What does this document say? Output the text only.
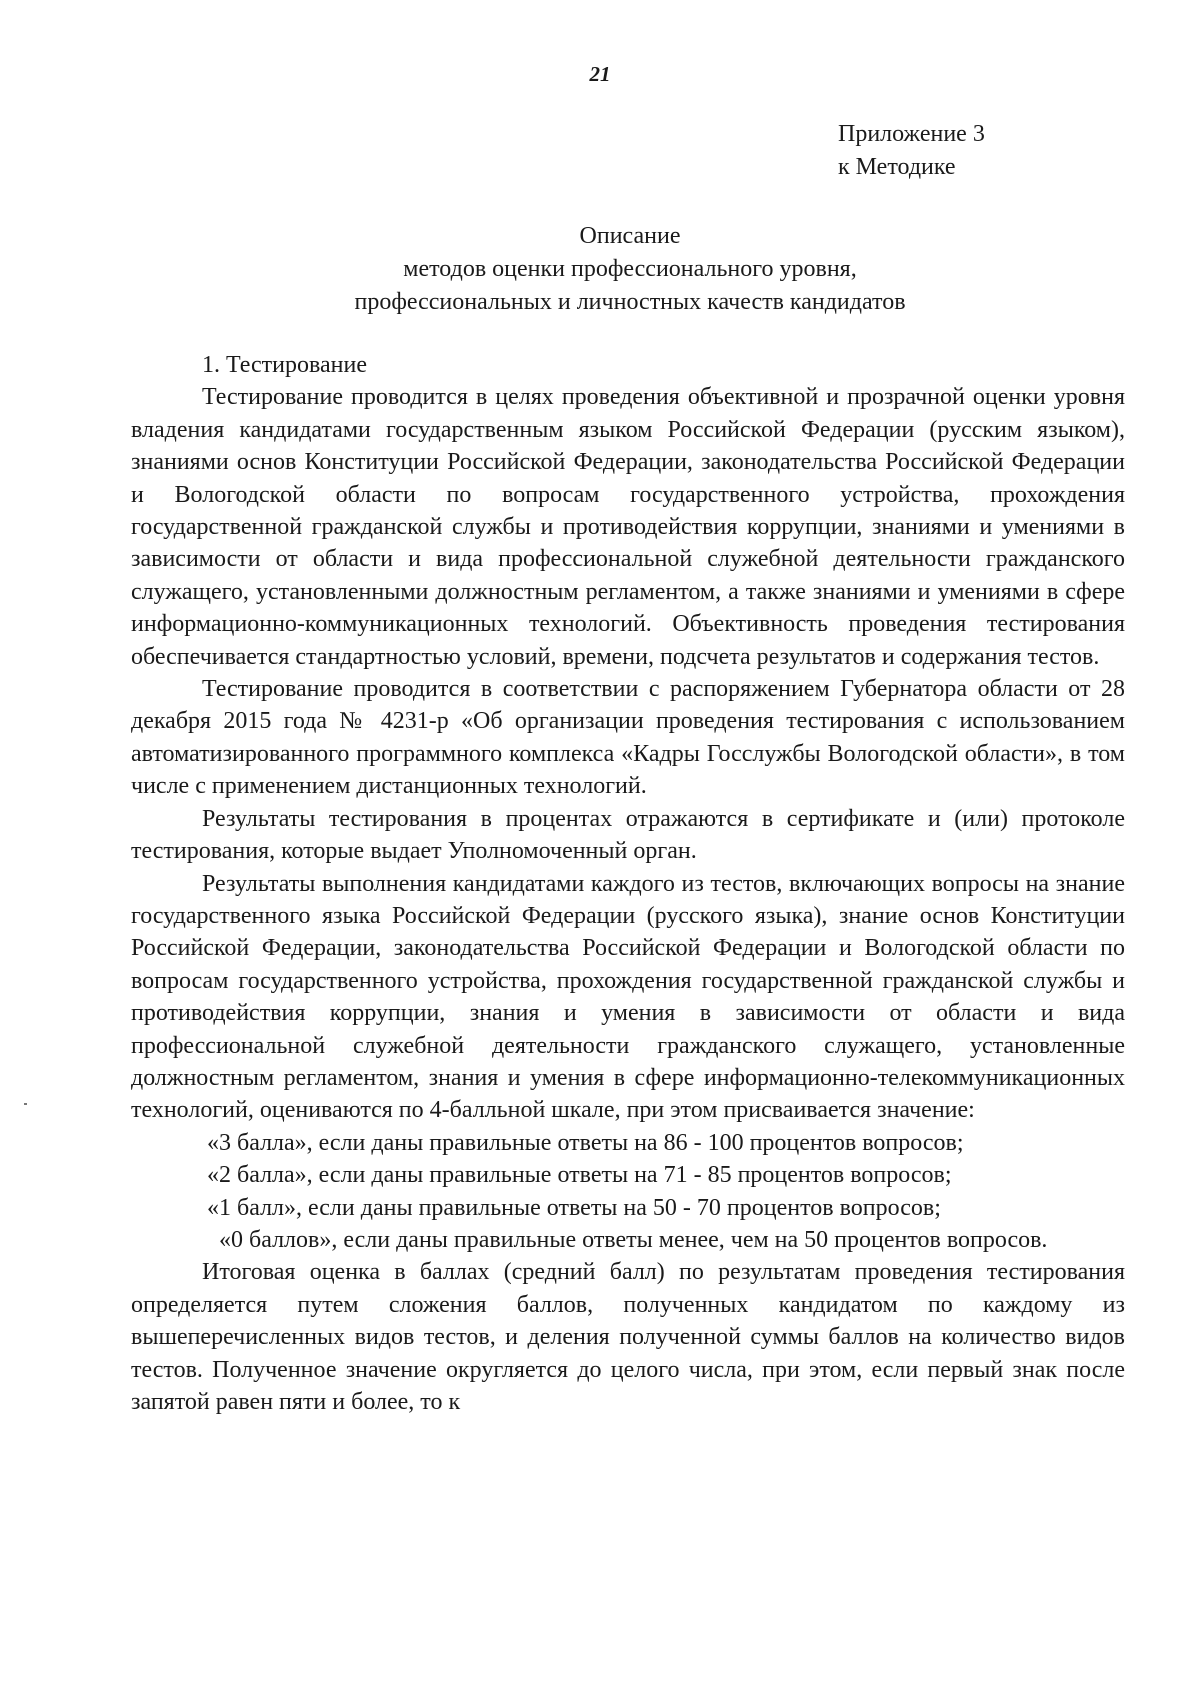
21
Приложение 3
к Методике
Описание
методов оценки профессионального уровня,
профессиональных и личностных качеств кандидатов

1. Тестирование

Тестирование проводится в целях проведения объективной и прозрачной оценки уровня владения кандидатами государственным языком Российской Федерации (русским языком), знаниями основ Конституции Российской Федерации, законодательства Российской Федерации и Вологодской области по вопросам государственного устройства, прохождения государственной гражданской службы и противодействия коррупции, знаниями и умениями в зависимости от области и вида профессиональной служебной деятельности гражданского служащего, установленными должностным регламентом, а также знаниями и умениями в сфере информационно-коммуникационных технологий. Объективность проведения тестирования обеспечивается стандартностью условий, времени, подсчета результатов и содержания тестов.

Тестирование проводится в соответствии с распоряжением Губернатора области от 28 декабря 2015 года № 4231-р «Об организации проведения тестирования с использованием автоматизированного программного комплекса «Кадры Госслужбы Вологодской области», в том числе с применением дистанционных технологий.

Результаты тестирования в процентах отражаются в сертификате и (или) протоколе тестирования, которые выдает Уполномоченный орган.

Результаты выполнения кандидатами каждого из тестов, включающих вопросы на знание государственного языка Российской Федерации (русского языка), знание основ Конституции Российской Федерации, законодательства Российской Федерации и Вологодской области по вопросам государственного устройства, прохождения государственной гражданской службы и противодействия коррупции, знания и умения в зависимости от области и вида профессиональной служебной деятельности гражданского служащего, установленные должностным регламентом, знания и умения в сфере информационно-телекоммуникационных технологий, оцениваются по 4-балльной шкале, при этом присваивается значение:

«3 балла», если даны правильные ответы на 86 - 100 процентов вопросов;

«2 балла», если даны правильные ответы на 71 - 85 процентов вопросов;

«1 балл», если даны правильные ответы на 50 - 70 процентов вопросов;

«0 баллов», если даны правильные ответы менее, чем на 50 процентов вопросов.

Итоговая оценка в баллах (средний балл) по результатам проведения тестирования определяется путем сложения баллов, полученных кандидатом по каждому из вышеперечисленных видов тестов, и деления полученной суммы баллов на количество видов тестов. Полученное значение округляется до целого числа, при этом, если первый знак после запятой равен пяти и более, то к
